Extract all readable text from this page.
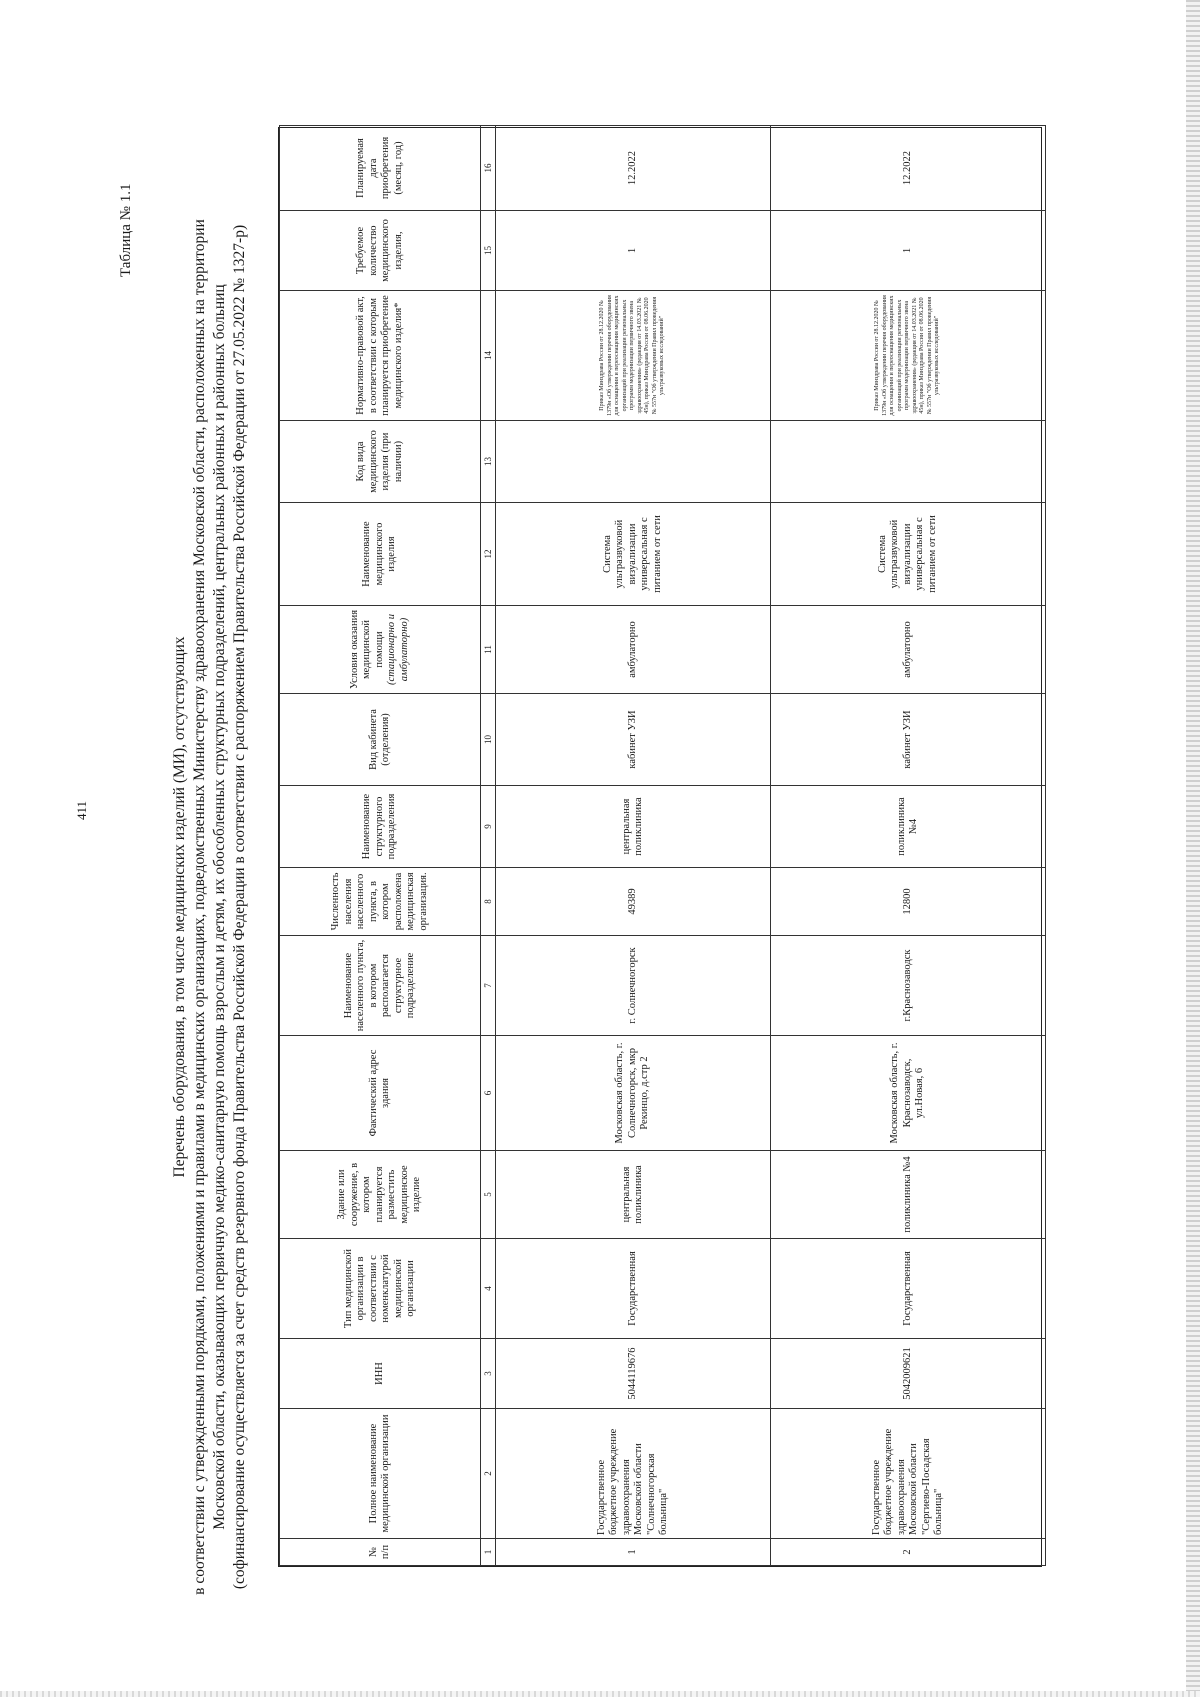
411
Таблица № 1.1
Перечень оборудования, в том числе медицинских изделий (МИ), отсутствующих в соответствии с утвержденными порядками, положениями и правилами в медицинских организациях, подведомственных Министерству здравоохранения Московской области, расположенных на территории Московской области, оказывающих первичную медико-санитарную помощь взрослым и детям, их обособленных структурных подразделений, центральных районных и районных больниц (софинансирование осуществляется за счет средств резервного фонда Правительства Российской Федерации в соответствии с распоряжением Правительства Российской Федерации от 27.05.2022 № 1327-р)	№ п/п	Полное наименование медицинской организации	ИНН	Тип медицинской организации в соответствии с номенклатурой медицинской организации	Здание или сооружение, в котором планируется разместить медицинское изделие	Фактический адрес здания	Наименование населенного пункта, в котором располагается структурное подразделение	Численность населения населенного пункта, в котором расположена медицинская организация.	Наименование структурного подразделения	Вид кабинета (отделения)	Условия оказания медицинской помощи (стационарно и амбулаторно)	Наименование медицинского изделия	Код вида медицинского изделия (при наличии)	Нормативно-правовой акт, в соответствии с которым планируется приобретение медицинского изделия*	Требуемое количество медицинского изделия,	Планируемая дата приобретения (месяц, год)
1	2	3	4	5	6	7	8	9	10	11	12	13	14	15	16
1	Государственное бюджетное учреждение здравоохранения Московской области "Солнечногорская больница"	5044119676	Государственная	центральная поликлиника	Московская область, г. Солнечногорск, мкр Рекинцо, д.стр 2	г. Солнечногорск	49389	центральная поликлиника	кабинет УЗИ	амбулаторно	Система ультразвуковой визуализации универсальная с питанием от сети		Приказ Минздрава России от 28.12.2020 № 1379н «Об утверждении перечня оборудования для оснащения и переоснащения медицинских организаций при реализации региональных программ модернизации первичного звена здравоохранения» (редакция от 14.03.2021 № 45н), приказ Минздрава России от 08.06.2020 № 557н "Об утверждении Правил проведения ультразвуковых исследований"	1	12.2022
2	Государственное бюджетное учреждение здравоохранения Московской области "Сергиево-Посадская больница"	5042009621	Государственная	поликлиника №4	Московская область, г. Краснозаводск, ул.Новая, 6	г.Краснозаводск	12800	поликлиника №4	кабинет УЗИ	амбулаторно	Система ультразвуковой визуализации универсальная с питанием от сети		Приказ Минздрава России от 28.12.2020 № 1379н «Об утверждении перечня оборудования для оснащения и переоснащения медицинских организаций при реализации региональных программ модернизации первичного звена здравоохранения» (редакция от 14.03.2021 № 45н), приказ Минздрава России от 08.06.2020 № 557н "Об утверждении Правил проведения ультразвуковых исследований"	1	12.2022
